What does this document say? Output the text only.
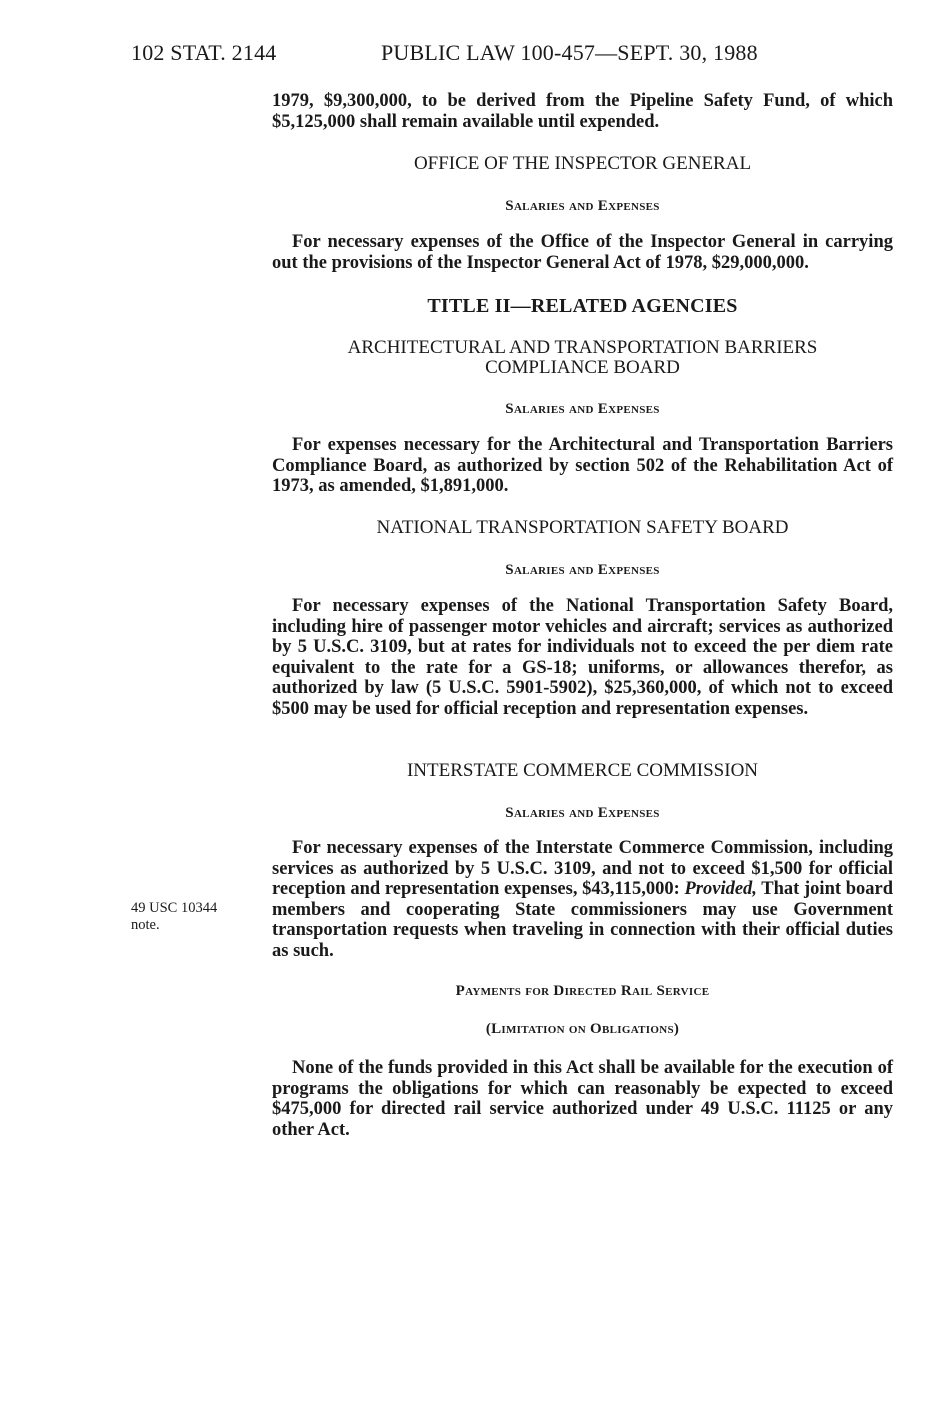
102 STAT. 2144	PUBLIC LAW 100-457—SEPT. 30, 1988

1979, $9,300,000, to be derived from the Pipeline Safety Fund, of which $5,125,000 shall remain available until expended.

OFFICE OF THE INSPECTOR GENERAL
Salaries and Expenses

For necessary expenses of the Office of the Inspector General in carrying out the provisions of the Inspector General Act of 1978, $29,000,000.

TITLE II—RELATED AGENCIES
ARCHITECTURAL AND TRANSPORTATION BARRIERS
COMPLIANCE BOARD
Salaries and Expenses

For expenses necessary for the Architectural and Transportation Barriers Compliance Board, as authorized by section 502 of the Rehabilitation Act of 1973, as amended, $1,891,000.

NATIONAL TRANSPORTATION SAFETY BOARD
Salaries and Expenses

For necessary expenses of the National Transportation Safety Board, including hire of passenger motor vehicles and aircraft; services as authorized by 5 U.S.C. 3109, but at rates for individuals not to exceed the per diem rate equivalent to the rate for a GS-18; uniforms, or allowances therefor, as authorized by law (5 U.S.C. 5901-5902), $25,360,000, of which not to exceed $500 may be used for official reception and representation expenses.

INTERSTATE COMMERCE COMMISSION
Salaries and Expenses

For necessary expenses of the Interstate Commerce Commission, including services as authorized by 5 U.S.C. 3109, and not to exceed $1,500 for official reception and representation expenses, $43,115,000: Provided, That joint board members and cooperating State commissioners may use Government transportation requests when traveling in connection with their official duties as such.

49 USC 10344
note.
Payments for Directed Rail Service
(Limitation on Obligations)

None of the funds provided in this Act shall be available for the execution of programs the obligations for which can reasonably be expected to exceed $475,000 for directed rail service authorized under 49 U.S.C. 11125 or any other Act.
